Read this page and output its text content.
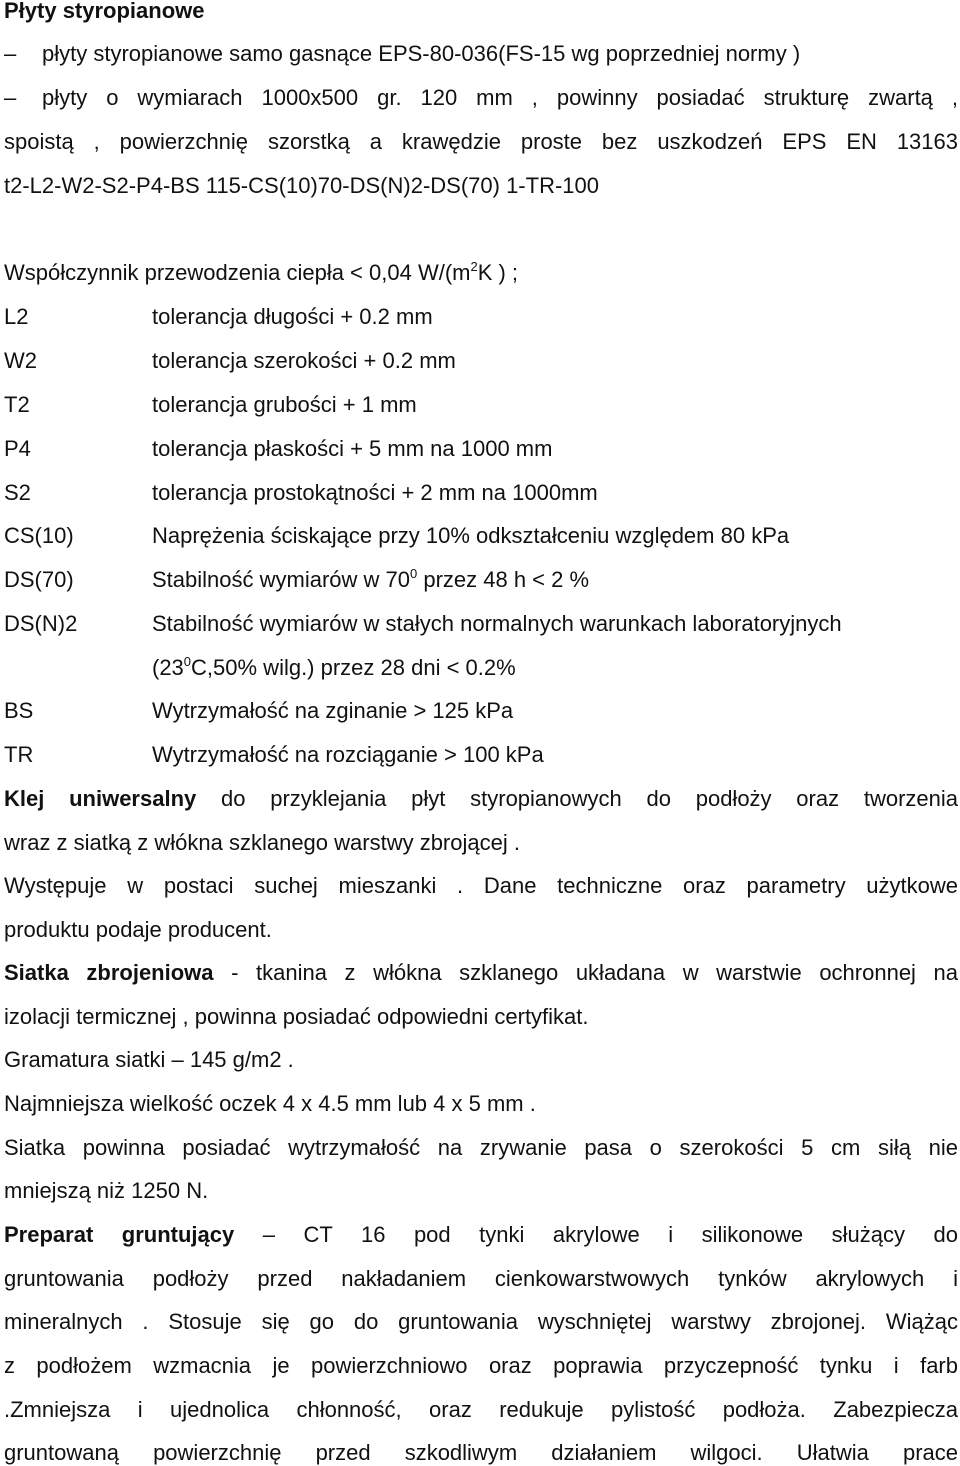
Płyty styropianowe
– płyty styropianowe samo gasnące EPS-80-036(FS-15 wg poprzedniej normy )
– płyty o wymiarach 1000x500 gr. 120 mm , powinny posiadać strukturę zwartą ,
spoistą , powierzchnię szorstką a krawędzie proste bez uszkodzeń EPS EN 13163
t2-L2-W2-S2-P4-BS 115-CS(10)70-DS(N)2-DS(70) 1-TR-100
Współczynnik przewodzenia ciepła < 0,04 $W/(m^2K$ ) ;
L2	tolerancja długości + 0.2 mm
W2	tolerancja szerokości + 0.2 mm
T2	tolerancja grubości + 1 mm
P4	tolerancja płaskości + 5 mm na 1000 mm
S2	tolerancja prostokątności + 2 mm na 1000mm
CS(10)	Naprężenia ściskające przy 10% odkształceniu względem 80 kPa
DS(70)	Stabilność wymiarów w $70^0$ przez 48 h < 2 %
DS(N)2	Stabilność wymiarów w stałych normalnych warunkach laboratoryjnych
($23^0C,50\%$ wilg.) przez 28 dni < 0.2%
BS	Wytrzymałość na zginanie > 125 kPa
TR	Wytrzymałość na rozciąganie > 100 kPa
Klej uniwersalny do przyklejania płyt styropianowych do podłoży oraz tworzenia
wraz z siatką z włókna szklanego warstwy zbrojącej .
Występuje w postaci suchej mieszanki . Dane techniczne oraz parametry użytkowe
produktu podaje producent.
Siatka zbrojeniowa - tkanina z włókna szklanego układana w warstwie ochronnej na
izolacji termicznej , powinna posiadać odpowiedni certyfikat.
Gramatura siatki – 145 g/m2 .
Najmniejsza wielkość oczek 4 x 4.5 mm lub 4 x 5 mm .
Siatka powinna posiadać wytrzymałość na zrywanie pasa o szerokości 5 cm siłą nie
mniejszą niż 1250 N.
Preparat gruntujący – CT 16 pod tynki akrylowe i silikonowe służący do
gruntowania podłoży przed nakładaniem cienkowarstwowych tynków akrylowych i
mineralnych . Stosuje się go do gruntowania wyschniętej warstwy zbrojonej. Wiążąc
z podłożem wzmacnia je powierzchniowo oraz poprawia przyczepność tynku i farb
.Zmniejsza i ujednolica chłonność, oraz redukuje pylistość podłoża. Zabezpiecza
gruntowaną powierzchnię przed szkodliwym działaniem wilgoci. Ułatwia prace
